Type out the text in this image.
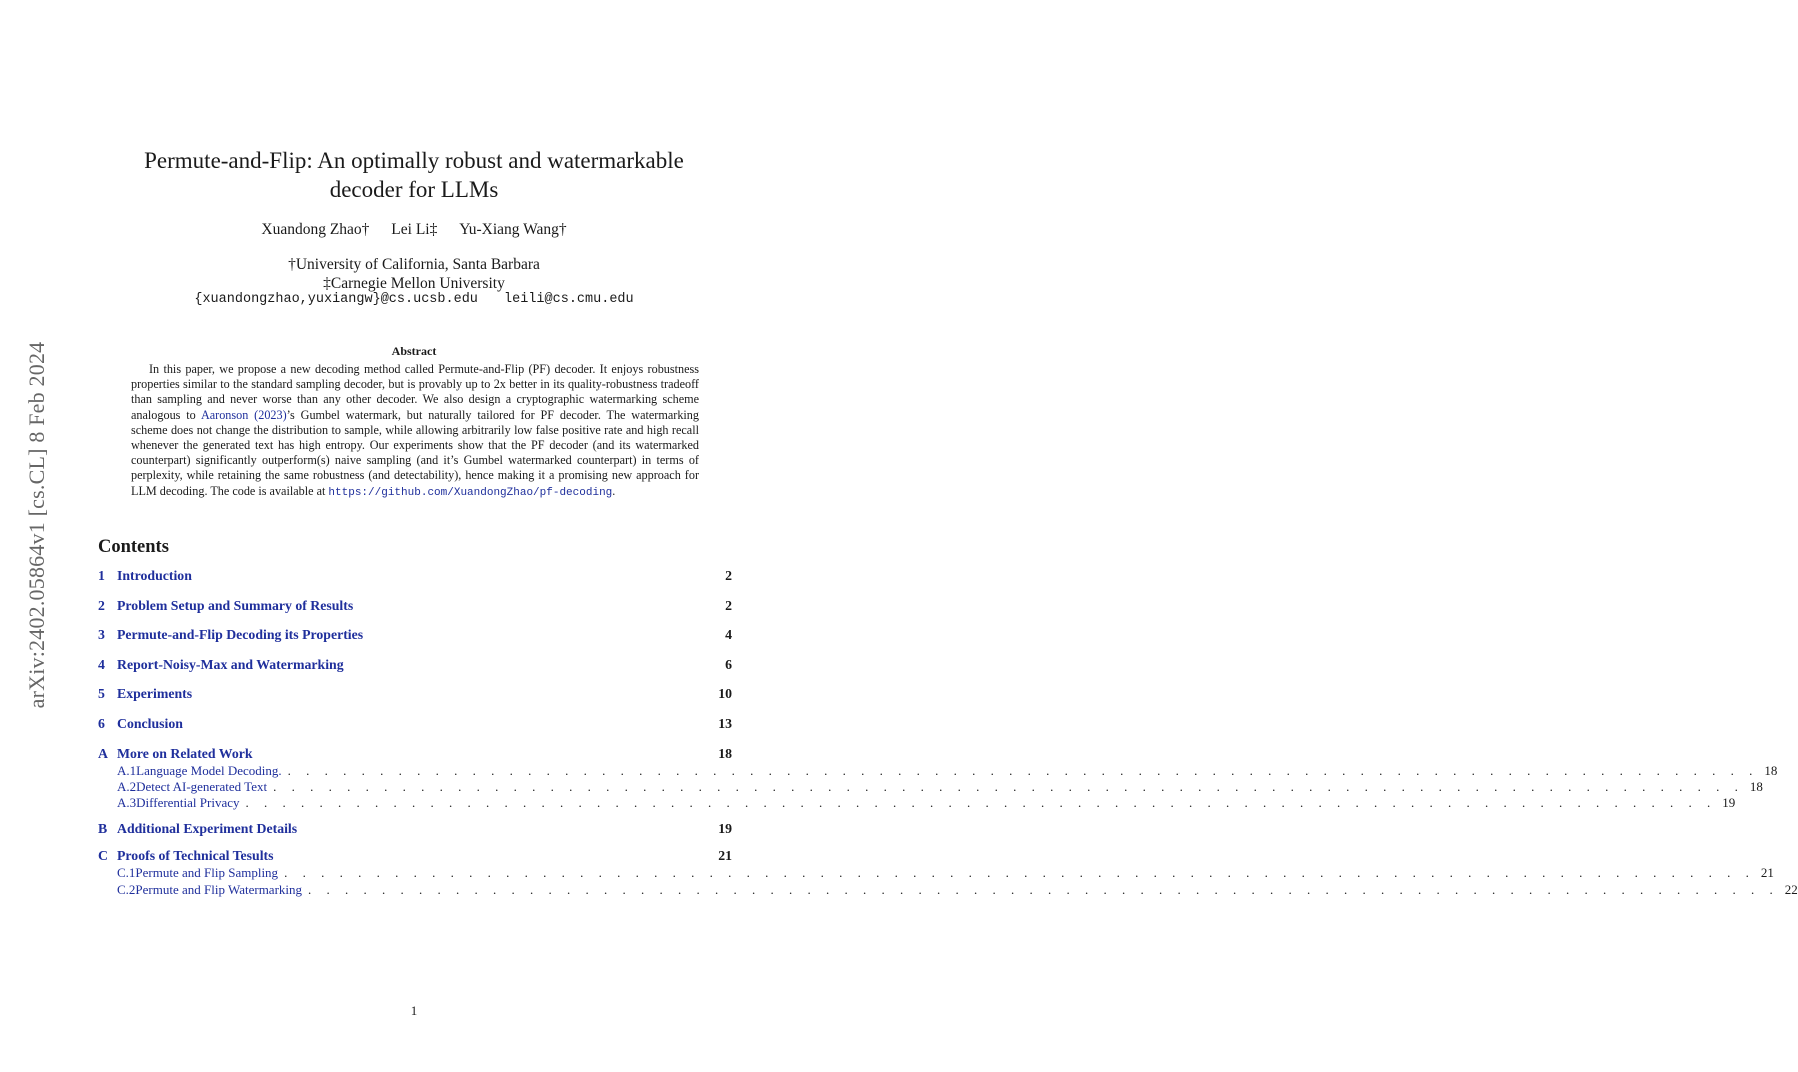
arXiv:2402.05864v1 [cs.CL] 8 Feb 2024
Permute-and-Flip: An optimally robust and watermarkable
decoder for LLMs
Xuandong Zhao† Lei Li‡ Yu-Xiang Wang†
†University of California, Santa Barbara
‡Carnegie Mellon University
{xuandongzhao,yuxiangw}@cs.ucsb.edu leili@cs.cmu.edu
Abstract

In this paper, we propose a new decoding method called Permute-and-Flip (PF) decoder. It enjoys robustness properties similar to the standard sampling decoder, but is provably up to 2x better in its quality-robustness tradeoff than sampling and never worse than any other decoder. We also design a cryptographic watermarking scheme analogous to Aaronson (2023)’s Gumbel watermark, but naturally tailored for PF decoder. The watermarking scheme does not change the distribution to sample, while allowing arbitrarily low false positive rate and high recall whenever the generated text has high entropy. Our experiments show that the PF decoder (and its watermarked counterpart) significantly outperform(s) naive sampling (and it’s Gumbel watermarked counterpart) in terms of perplexity, while retaining the same robustness (and detectability), hence making it a promising new approach for LLM decoding. The code is available at https://github.com/XuandongZhao/pf-decoding.

Contents
1 Introduction	2
2 Problem Setup and Summary of Results	2
3 Permute-and-Flip Decoding its Properties	4
4 Report-Noisy-Max and Watermarking	6
5 Experiments	10
6 Conclusion	13
A More on Related Work	18
A.1 Language Model Decoding. . . . . . . . . . . . . . . . . . . . . . . . . . . . . . . . . . . . . . . . . . . . . . . . . . . . . . . . . . . . . . . . . . . . . . . . . . . . . . . . . 18
A.2 Detect AI-generated Text . . . . . . . . . . . . . . . . . . . . . . . . . . . . . . . . . . . . . . . . . . . . . . . . . . . . . . . . . . . . . . . . . . . . . . . . . . . . . . . . 18
A.3 Differential Privacy . . . . . . . . . . . . . . . . . . . . . . . . . . . . . . . . . . . . . . . . . . . . . . . . . . . . . . . . . . . . . . . . . . . . . . . . . . . . . . . . 19
B Additional Experiment Details	19
C Proofs of Technical Tesults	21
C.1 Permute and Flip Sampling . . . . . . . . . . . . . . . . . . . . . . . . . . . . . . . . . . . . . . . . . . . . . . . . . . . . . . . . . . . . . . . . . . . . . . . . . . . . . . . . 21
C.2 Permute and Flip Watermarking . . . . . . . . . . . . . . . . . . . . . . . . . . . . . . . . . . . . . . . . . . . . . . . . . . . . . . . . . . . . . . . . . . . . . . . . . . . . . . . . 22
1
